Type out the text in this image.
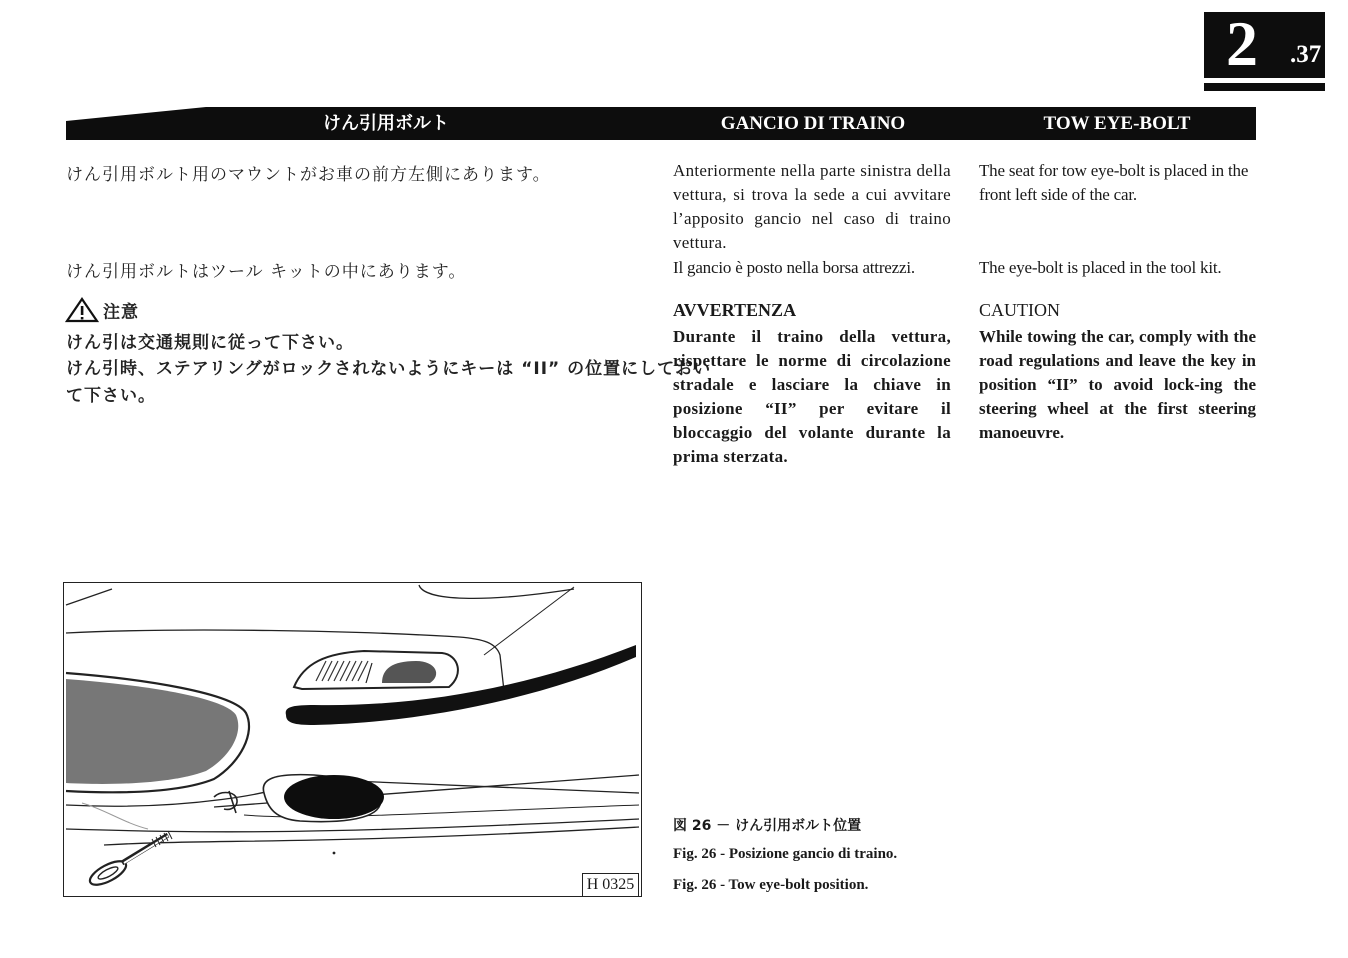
2 .37
けん引用ボルト	GANCIO DI TRAINO	TOW EYE-BOLT
けん引用ボルト用のマウントがお車の前方左側にあります。
けん引用ボルトはツール キットの中にあります。
注意
けん引は交通規則に従って下さい。
けん引時、ステアリングがロックされないようにキーは “II” の位置にしておい
て下さい。
Anteriormente nella parte sinistra della vettura, si trova la sede a cui avvitare l’apposito gancio nel caso di traino vettura.
Il gancio è posto nella borsa attrezzi.
AVVERTENZA
Durante il traino della vettura, rispettare le norme di circolazione stradale e lasciare la chiave in posizione “II” per evitare il bloccaggio del volante durante la prima sterzata.
The seat for tow eye-bolt is placed in the front left side of the car.
The eye-bolt is placed in the tool kit.
CAUTION
While towing the car, comply with the road regulations and leave the key in position “II” to avoid lock-ing the steering wheel at the first steering manoeuvre.
H 0325
図 26 － けん引用ボルト位置
Fig. 26 - Posizione gancio di traino.
Fig. 26 - Tow eye-bolt position.
